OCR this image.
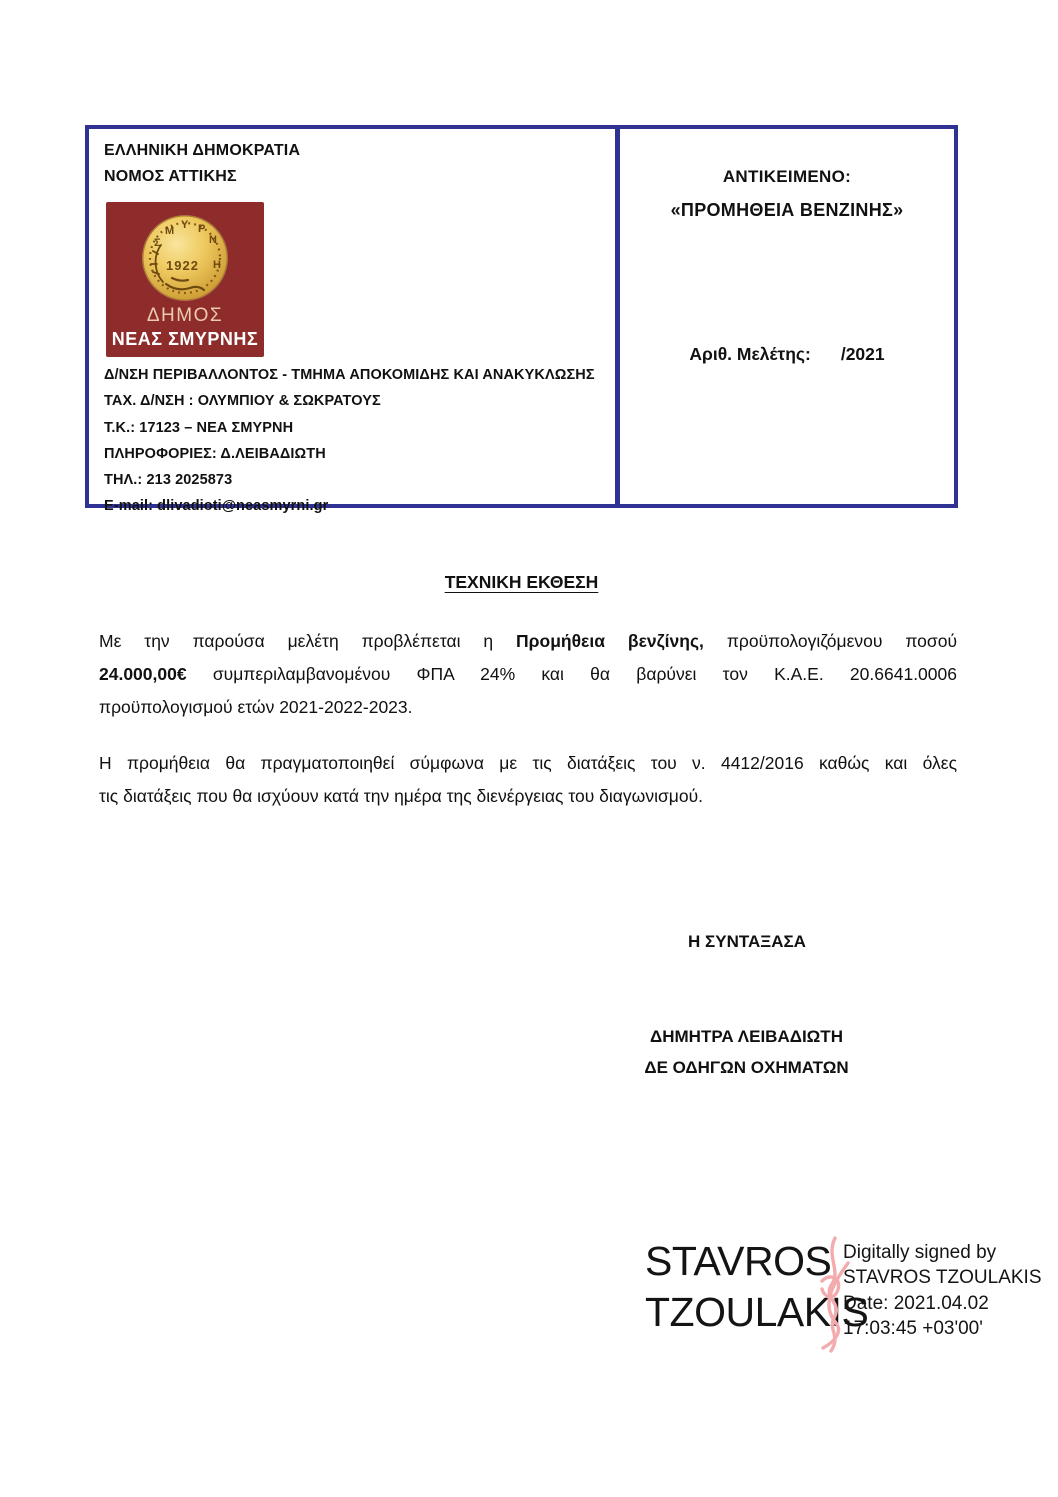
ΕΛΛΗΝΙΚΗ ΔΗΜΟΚΡΑΤΙΑ
ΝΟΜΟΣ ΑΤΤΙΚΗΣ
Σ
Μ Υ Ρ
Ν
Η
1922
ΔΗΜΟΣ
ΝΕΑΣ ΣΜΥΡΝΗΣ
Δ/ΝΣΗ ΠΕΡΙΒΑΛΛΟΝΤΟΣ - ΤΜΗΜΑ ΑΠΟΚΟΜΙΔΗΣ ΚΑΙ ΑΝΑΚΥΚΛΩΣΗΣ
ΤΑΧ. Δ/ΝΣΗ : ΟΛΥΜΠΙΟΥ & ΣΩΚΡΑΤΟΥΣ
Τ.Κ.: 17123 – ΝΕΑ ΣΜΥΡΝΗ
ΠΛΗΡΟΦΟΡΙΕΣ: Δ.ΛΕΙΒΑΔΙΩΤΗ
ΤΗΛ.: 213 2025873
E-mail: dlivadioti@neasmyrni.gr
ΑΝΤΙΚΕΙΜΕΝΟ:
«ΠΡΟΜΗΘΕΙΑ ΒΕΝΖΙΝΗΣ»
Αριθ. Μελέτης: /2021
ΤΕΧΝΙΚΗ ΕΚΘΕΣΗ
Με την παρούσα μελέτη προβλέπεται η Προμήθεια βενζίνης, προϋπολογιζόμενου ποσού
24.000,00€ συμπεριλαμβανομένου ΦΠΑ 24% και θα βαρύνει τον Κ.Α.Ε. 20.6641.0006
προϋπολογισμού ετών 2021-2022-2023.
Η προμήθεια θα πραγματοποιηθεί σύμφωνα με τις διατάξεις του ν. 4412/2016 καθώς και όλες
τις διατάξεις που θα ισχύουν κατά την ημέρα της διενέργειας του διαγωνισμού.
Η ΣΥΝΤΑΞΑΣΑ
ΔΗΜΗΤΡΑ ΛΕΙΒΑΔΙΩΤΗ
ΔΕ ΟΔΗΓΩΝ ΟΧΗΜΑΤΩΝ
STAVROS
TZOULAKIS
Digitally signed by
STAVROS TZOULAKIS
Date: 2021.04.02
17:03:45 +03'00'
